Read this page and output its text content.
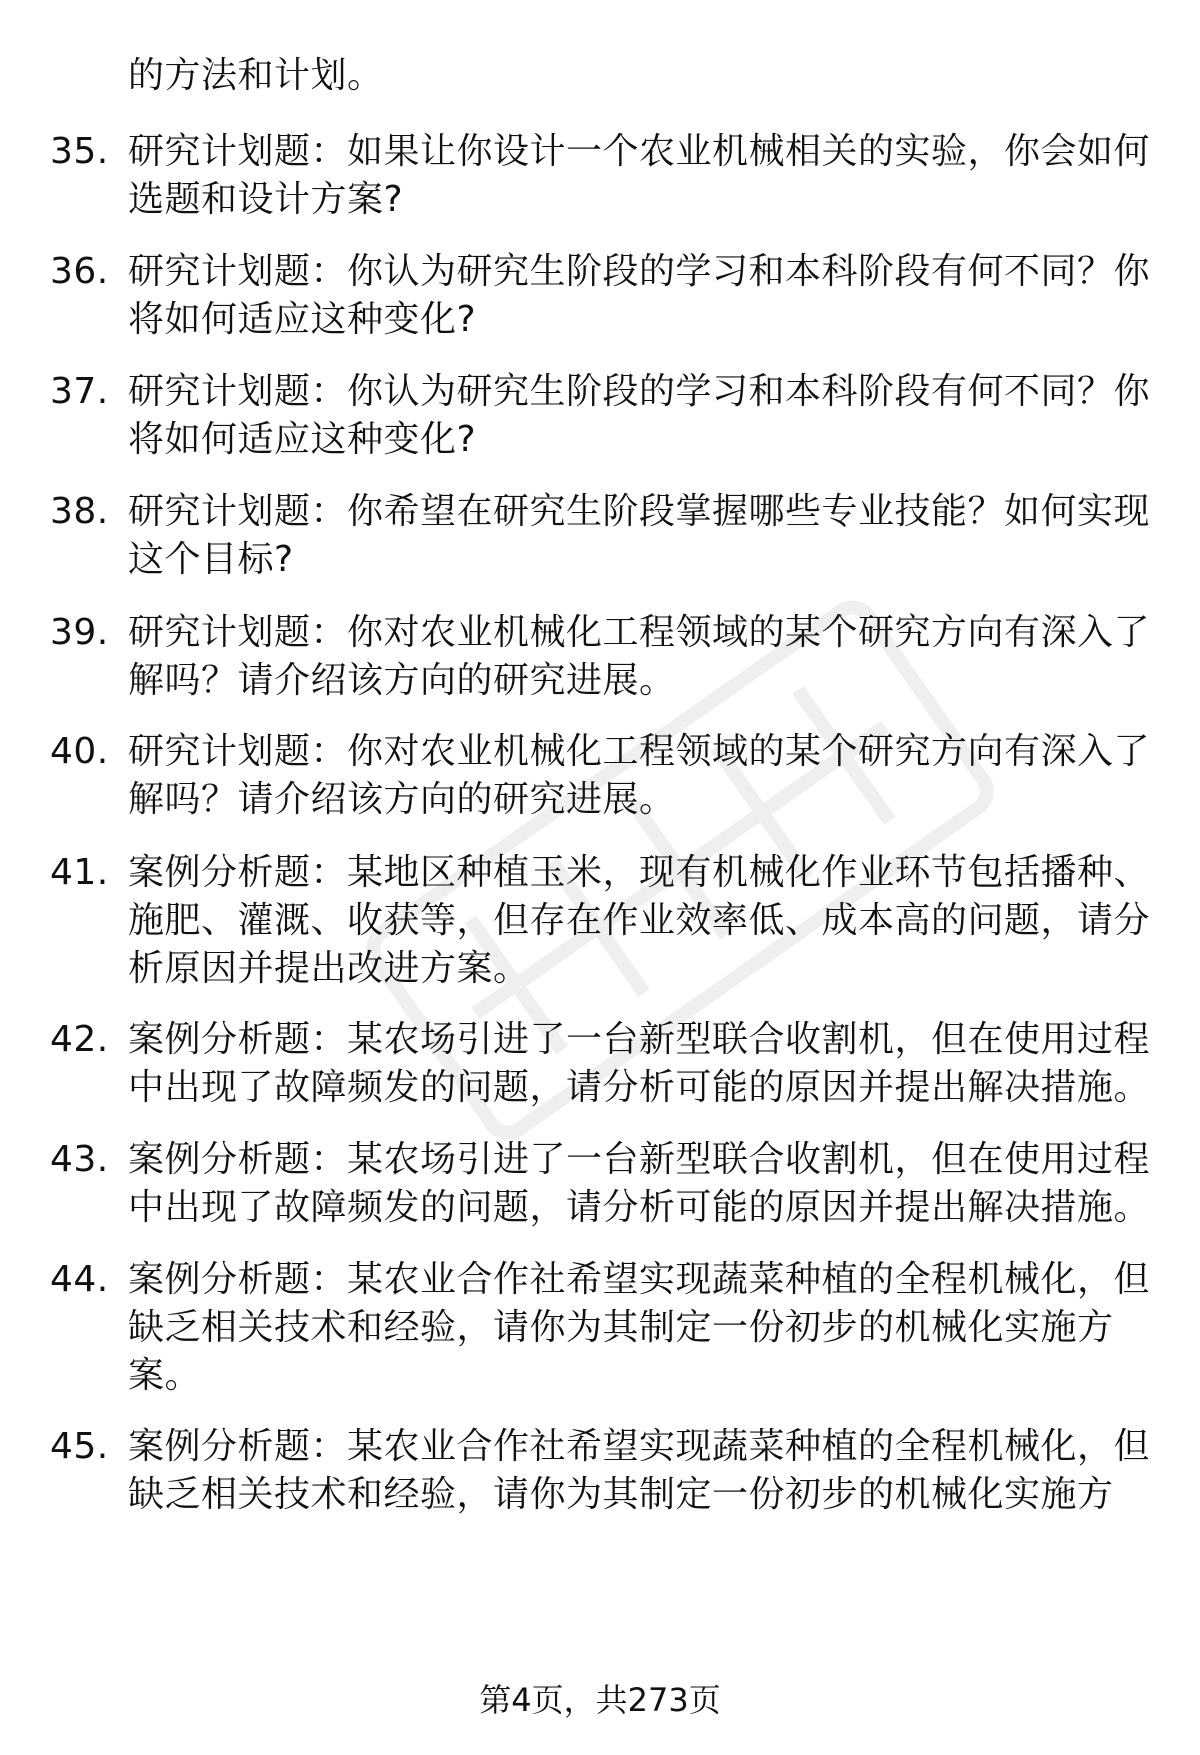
的方法和计划。
35. 研究计划题：如果让你设计一个农业机械相关的实验，你会如何
选题和设计方案?
36. 研究计划题：你认为研究生阶段的学习和本科阶段有何不同？你
将如何适应这种变化?
37. 研究计划题：你认为研究生阶段的学习和本科阶段有何不同？你
将如何适应这种变化?
38. 研究计划题：你希望在研究生阶段掌握哪些专业技能？如何实现
这个目标?
39. 研究计划题：你对农业机械化工程领域的某个研究方向有深入了
解吗？请介绍该方向的研究进展。
40. 研究计划题：你对农业机械化工程领域的某个研究方向有深入了
解吗？请介绍该方向的研究进展。
41. 案例分析题：某地区种植玉米，现有机械化作业环节包括播种、
施肥、灌溉、收获等，但存在作业效率低、成本高的问题，请分
析原因并提出改进方案。
42. 案例分析题：某农场引进了一台新型联合收割机，但在使用过程
中出现了故障频发的问题，请分析可能的原因并提出解决措施。
43. 案例分析题：某农场引进了一台新型联合收割机，但在使用过程
中出现了故障频发的问题，请分析可能的原因并提出解决措施。
44. 案例分析题：某农业合作社希望实现蔬菜种植的全程机械化，但
缺乏相关技术和经验，请你为其制定一份初步的机械化实施方
案。
45. 案例分析题：某农业合作社希望实现蔬菜种植的全程机械化，但
缺乏相关技术和经验，请你为其制定一份初步的机械化实施方
第4页，共273页
